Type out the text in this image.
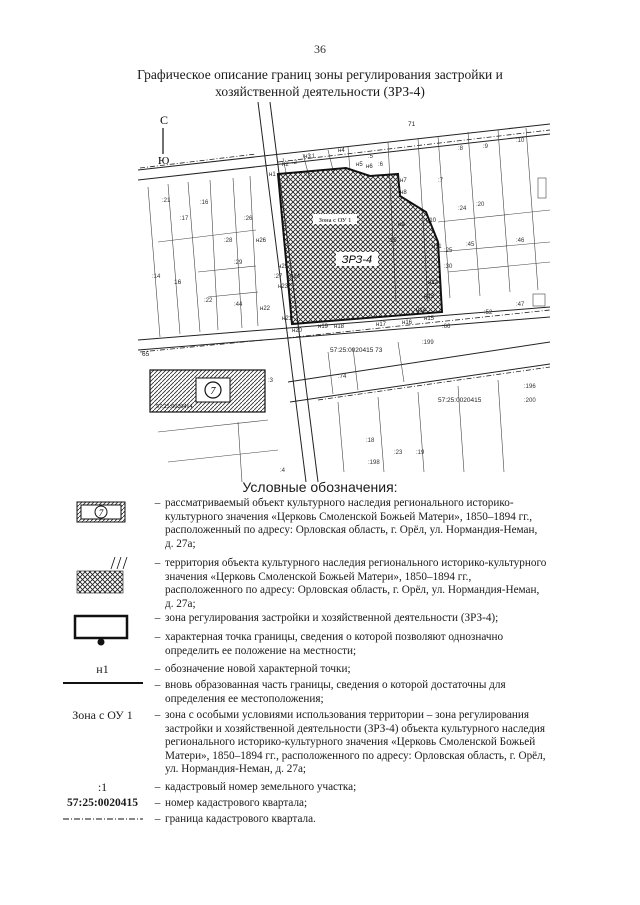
36
Графическое описание границ зоны регулирования застройки и
хозяйственной деятельности (ЗРЗ-4)
ЗРЗ-4
Зона с ОУ 1
7
57:25:0020414
С
Ю
71
16
65
57:25:0020415 73
57:25:0020415
н1
н2
н3
н4
н5 н6
н7
н8
н9
н10
н11
н12
н13
н14
н15
н16
н17
н18
н19
н20
н21
н22
н23
н24
н25
н26
:1
:2
:3
:4
:5
:6
:7
:8	:9
:10
:14
:15
:16
:17
:18
:19
:20
:21
:22
:23
:24
:25
:26
:27
:28
:29
:30
:44
:45
:46
:47
:52
:66
:74
:198
:199
:200
:196
Условные обозначения:
7
– рассматриваемый объект культурного наследия регионального историко-
культурного значения «Церковь Смоленской Божьей Матери», 1850–1894 гг.,
расположенный по адресу: Орловская область, г. Орёл, ул. Нормандия-Неман,
д. 27а;
– территория объекта культурного наследия регионального историко-культурного
значения «Церковь Смоленской Божьей Матери», 1850–1894 гг.,
расположенного по адресу: Орловская область, г. Орёл, ул. Нормандия-Неман,
д. 27а;
– зона регулирования застройки и хозяйственной деятельности (ЗРЗ-4);
– характерная точка границы, сведения о которой позволяют однозначно
определить ее положение на местности;
н1	– обозначение новой характерной точки;
– вновь образованная часть границы, сведения о которой достаточны для
определения ее местоположения;
Зона с ОУ 1	– зона с особыми условиями использования территории – зона регулирования
застройки и хозяйственной деятельности (ЗРЗ-4) объекта культурного наследия
регионального историко-культурного значения «Церковь Смоленской Божьей
Матери», 1850–1894 гг., расположенного по адресу: Орловская область, г. Орёл,
ул. Нормандия-Неман, д. 27а;
:1	– кадастровый номер земельного участка;
57:25:0020415	– номер кадастрового квартала;
– граница кадастрового квартала.
